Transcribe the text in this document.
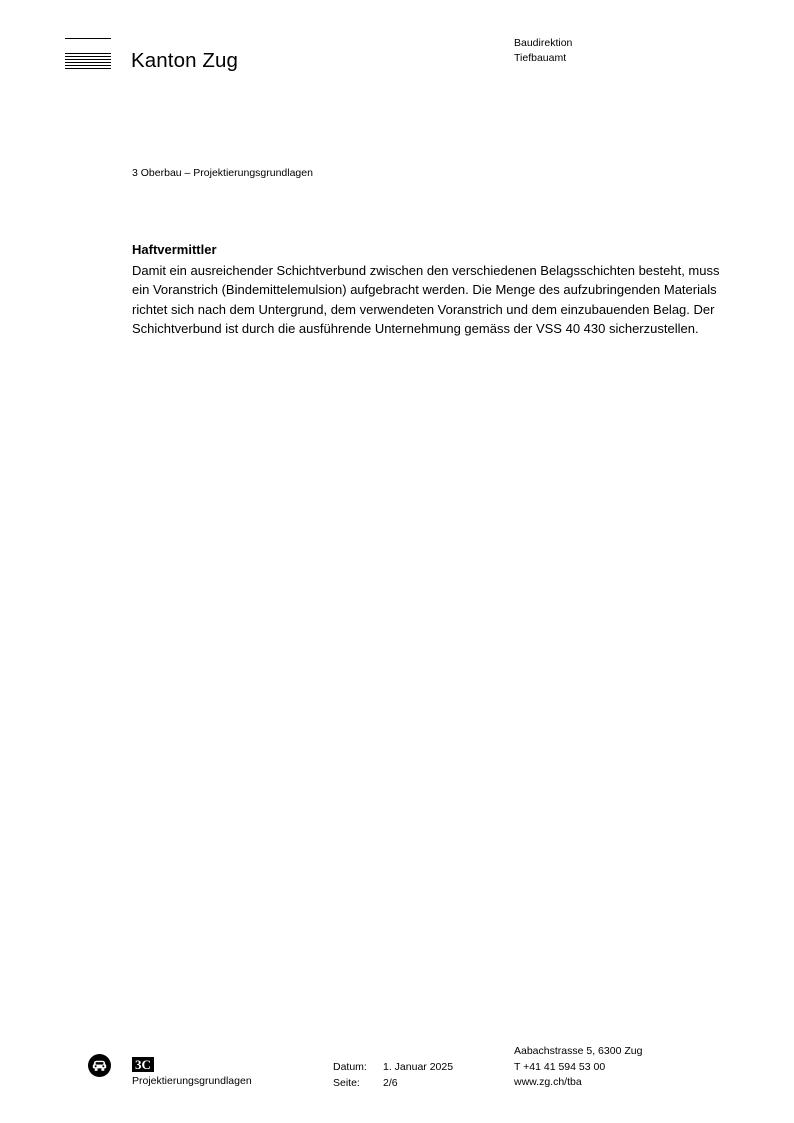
Kanton Zug
Baudirektion
Tiefbauamt
3 Oberbau – Projektierungsgrundlagen
Haftvermittler

Damit ein ausreichender Schichtverbund zwischen den verschiedenen Belagsschichten besteht, muss ein Voranstrich (Bindemittelemulsion) aufgebracht werden. Die Menge des aufzubringenden Materials richtet sich nach dem Untergrund, dem verwendeten Voranstrich und dem einzubauenden Belag. Der Schichtverbund ist durch die ausführende Unternehmung gemäss der VSS 40 430 sicherzustellen.

3C
Projektierungsgrundlagen
Datum: 1. Januar 2025
Seite: 2/6
Aabachstrasse 5, 6300 Zug
T +41 41 594 53 00
www.zg.ch/tba
